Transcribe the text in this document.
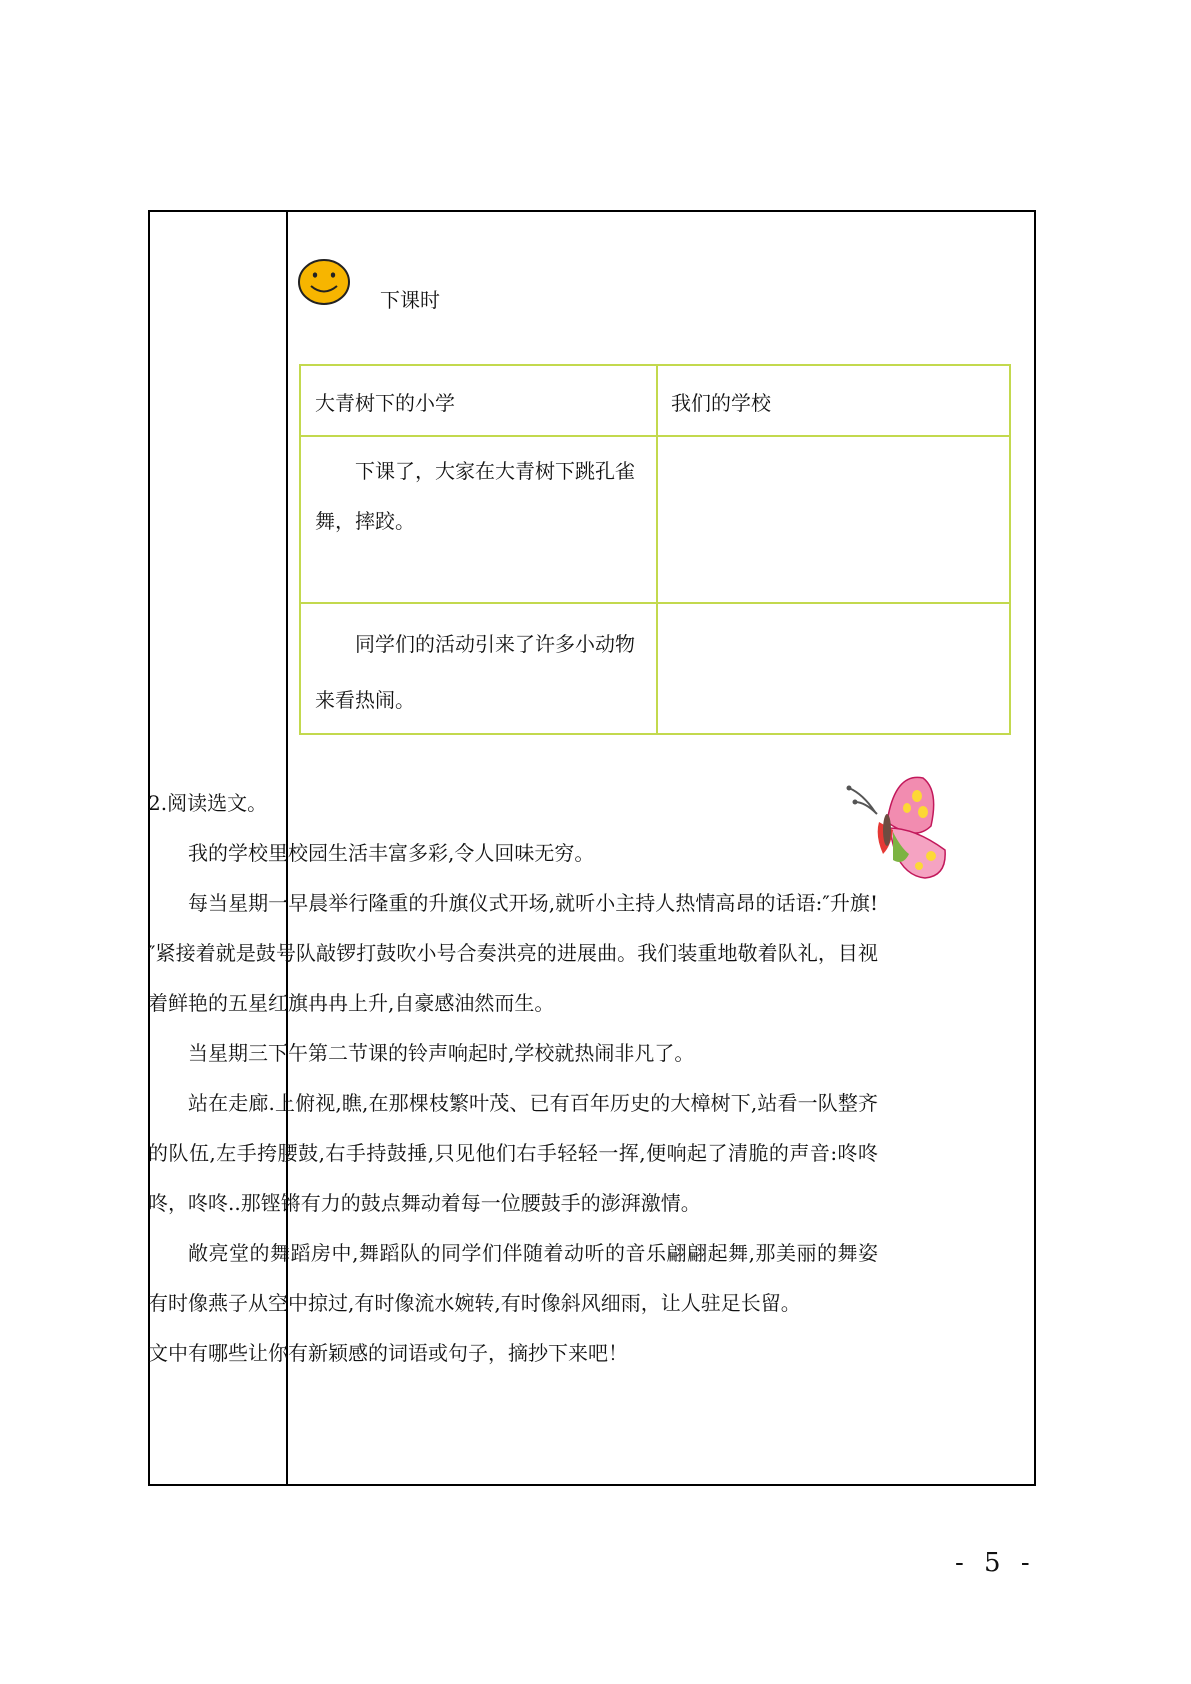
下课时
大青树下的小学	我们的学校
下课了，大家在大青树下跳孔雀舞，摔跤。
同学们的活动引来了许多小动物来看热闹。
2.阅读选文。
我的学校里校园生活丰富多彩,令人回味无穷。
每当星期一早晨举行隆重的升旗仪式开场,就听小主持人热情高昂的话语:″升旗!″紧接着就是鼓号队敲锣打鼓吹小号合奏洪亮的进展曲。我们装重地敬着队礼，目视着鲜艳的五星红旗冉冉上升,自豪感油然而生。
当星期三下午第二节课的铃声响起时,学校就热闹非凡了。
站在走廊.上俯视,瞧,在那棵枝繁叶茂、已有百年历史的大樟树下,站看一队整齐的队伍,左手挎腰鼓,右手持鼓捶,只见他们右手轻轻一挥,便响起了清脆的声音:咚咚咚，咚咚..那铿锵有力的鼓点舞动着每一位腰鼓手的澎湃激情。
敞亮堂的舞蹈房中,舞蹈队的同学们伴随着动听的音乐翩翩起舞,那美丽的舞姿有时像燕子从空中掠过,有时像流水婉转,有时像斜风细雨，让人驻足长留。
文中有哪些让你有新颖感的词语或句子，摘抄下来吧！
- 5 -
